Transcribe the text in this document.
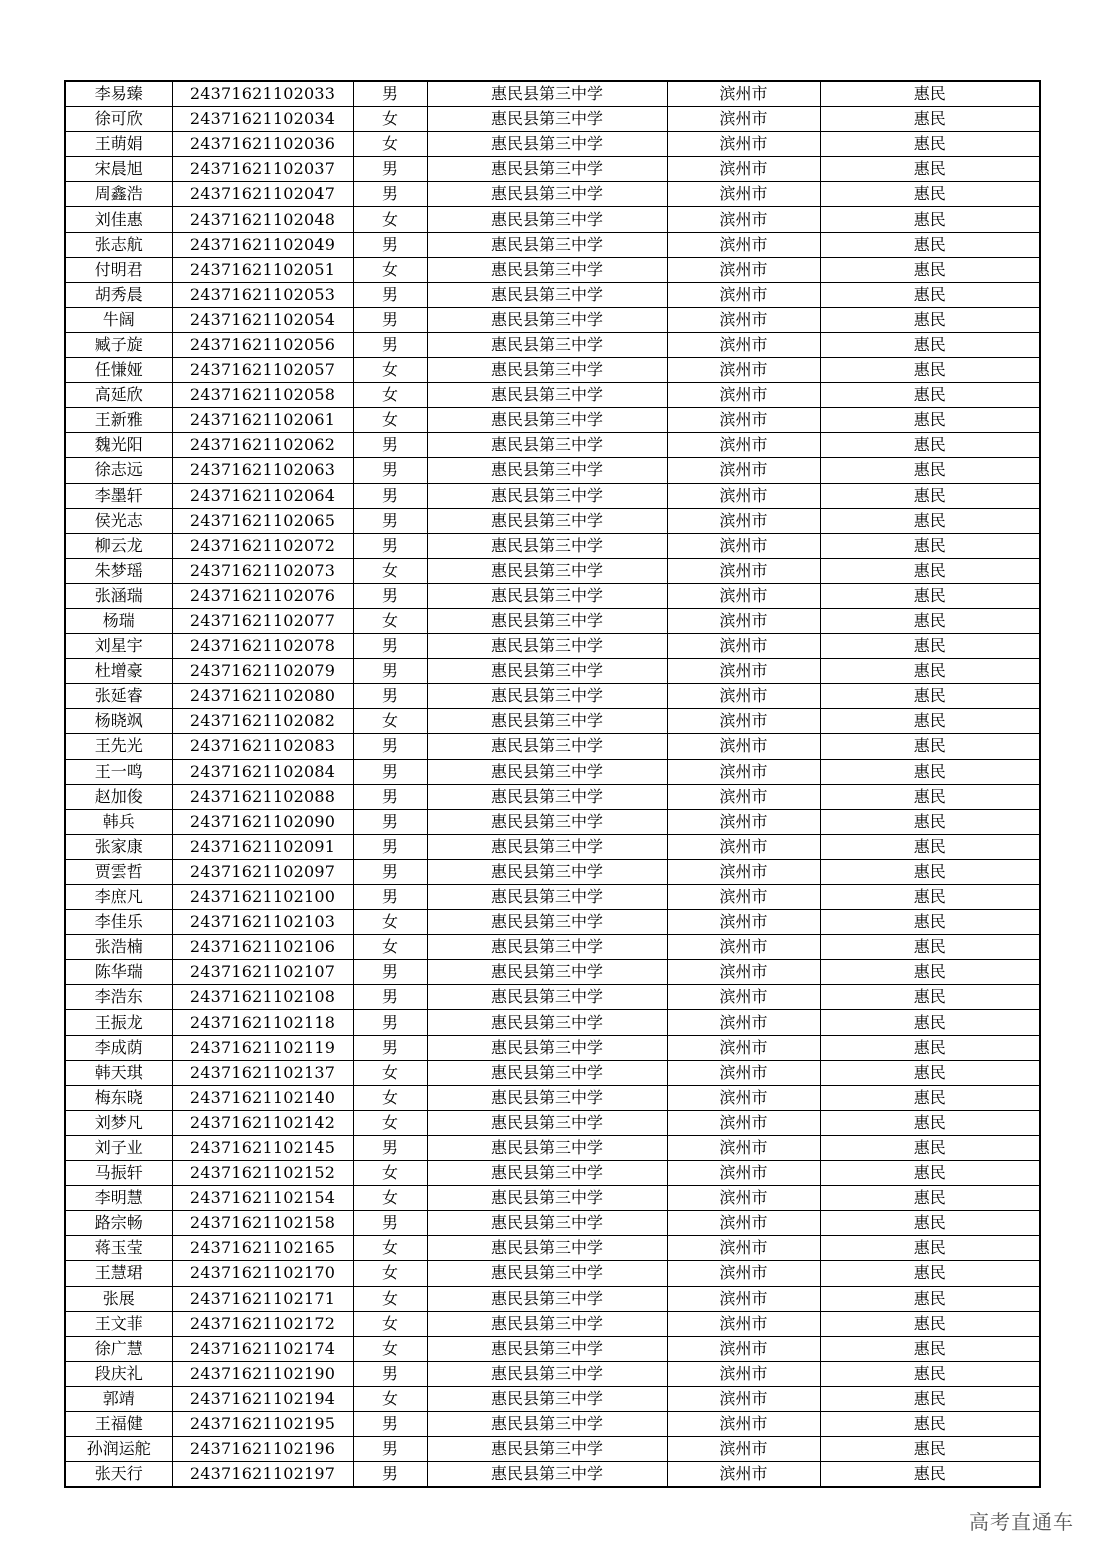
李易臻	24371621102033	男	惠民县第三中学	滨州市	惠民
徐可欣	24371621102034	女	惠民县第三中学	滨州市	惠民
王萌娟	24371621102036	女	惠民县第三中学	滨州市	惠民
宋晨旭	24371621102037	男	惠民县第三中学	滨州市	惠民
周鑫浩	24371621102047	男	惠民县第三中学	滨州市	惠民
刘佳惠	24371621102048	女	惠民县第三中学	滨州市	惠民
张志航	24371621102049	男	惠民县第三中学	滨州市	惠民
付明君	24371621102051	女	惠民县第三中学	滨州市	惠民
胡秀晨	24371621102053	男	惠民县第三中学	滨州市	惠民
牛阔	24371621102054	男	惠民县第三中学	滨州市	惠民
臧子旋	24371621102056	男	惠民县第三中学	滨州市	惠民
任慊娅	24371621102057	女	惠民县第三中学	滨州市	惠民
高延欣	24371621102058	女	惠民县第三中学	滨州市	惠民
王新雅	24371621102061	女	惠民县第三中学	滨州市	惠民
魏光阳	24371621102062	男	惠民县第三中学	滨州市	惠民
徐志远	24371621102063	男	惠民县第三中学	滨州市	惠民
李墨轩	24371621102064	男	惠民县第三中学	滨州市	惠民
侯光志	24371621102065	男	惠民县第三中学	滨州市	惠民
柳云龙	24371621102072	男	惠民县第三中学	滨州市	惠民
朱梦瑶	24371621102073	女	惠民县第三中学	滨州市	惠民
张涵瑞	24371621102076	男	惠民县第三中学	滨州市	惠民
杨瑞	24371621102077	女	惠民县第三中学	滨州市	惠民
刘星宇	24371621102078	男	惠民县第三中学	滨州市	惠民
杜增豪	24371621102079	男	惠民县第三中学	滨州市	惠民
张延睿	24371621102080	男	惠民县第三中学	滨州市	惠民
杨晓飒	24371621102082	女	惠民县第三中学	滨州市	惠民
王先光	24371621102083	男	惠民县第三中学	滨州市	惠民
王一鸣	24371621102084	男	惠民县第三中学	滨州市	惠民
赵加俊	24371621102088	男	惠民县第三中学	滨州市	惠民
韩兵	24371621102090	男	惠民县第三中学	滨州市	惠民
张家康	24371621102091	男	惠民县第三中学	滨州市	惠民
贾雲哲	24371621102097	男	惠民县第三中学	滨州市	惠民
李庶凡	24371621102100	男	惠民县第三中学	滨州市	惠民
李佳乐	24371621102103	女	惠民县第三中学	滨州市	惠民
张浩楠	24371621102106	女	惠民县第三中学	滨州市	惠民
陈华瑞	24371621102107	男	惠民县第三中学	滨州市	惠民
李浩东	24371621102108	男	惠民县第三中学	滨州市	惠民
王振龙	24371621102118	男	惠民县第三中学	滨州市	惠民
李成荫	24371621102119	男	惠民县第三中学	滨州市	惠民
韩天琪	24371621102137	女	惠民县第三中学	滨州市	惠民
梅东晓	24371621102140	女	惠民县第三中学	滨州市	惠民
刘梦凡	24371621102142	女	惠民县第三中学	滨州市	惠民
刘子业	24371621102145	男	惠民县第三中学	滨州市	惠民
马振轩	24371621102152	女	惠民县第三中学	滨州市	惠民
李明慧	24371621102154	女	惠民县第三中学	滨州市	惠民
路宗畅	24371621102158	男	惠民县第三中学	滨州市	惠民
蒋玉莹	24371621102165	女	惠民县第三中学	滨州市	惠民
王慧珺	24371621102170	女	惠民县第三中学	滨州市	惠民
张展	24371621102171	女	惠民县第三中学	滨州市	惠民
王文菲	24371621102172	女	惠民县第三中学	滨州市	惠民
徐广慧	24371621102174	女	惠民县第三中学	滨州市	惠民
段庆礼	24371621102190	男	惠民县第三中学	滨州市	惠民
郭靖	24371621102194	女	惠民县第三中学	滨州市	惠民
王福健	24371621102195	男	惠民县第三中学	滨州市	惠民
孙润运舵	24371621102196	男	惠民县第三中学	滨州市	惠民
张天行	24371621102197	男	惠民县第三中学	滨州市	惠民
高考直通车
